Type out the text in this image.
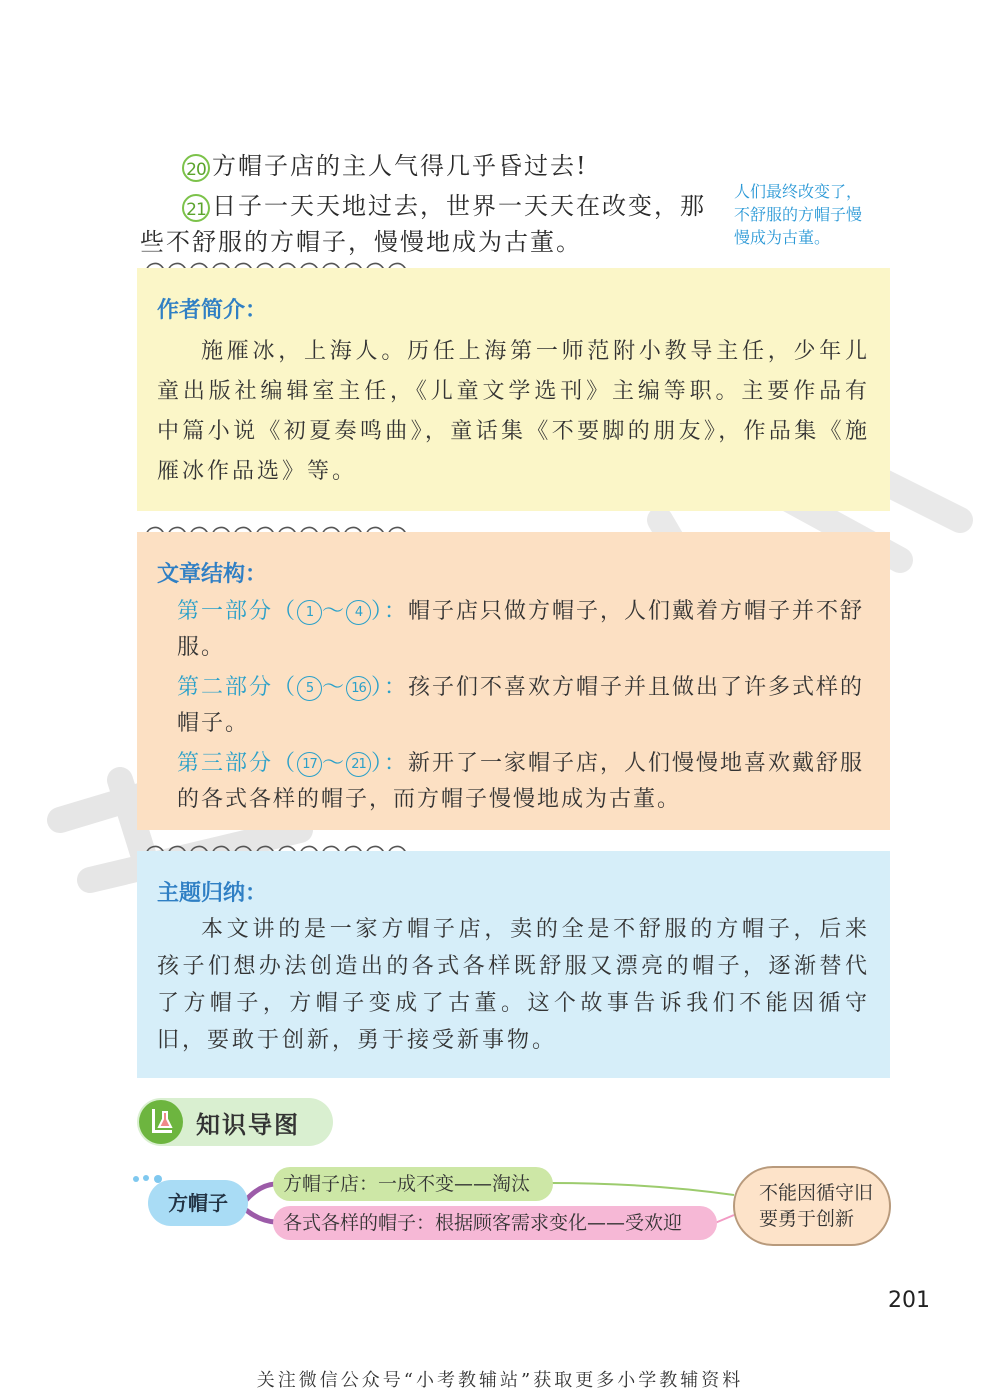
20 方帽子店的主人气得几乎昏过去!
21 日子一天天地过去，世界一天天在改变，那
些不舒服的方帽子，慢慢地成为古董。
人们最终改变了，
不舒服的方帽子慢
慢成为古董。
作者简介：
施雁冰，上海人。历任上海第一师范附小教导主任，少年儿童出版社编辑室主任，《儿童文学选刊》主编等职。主要作品有中篇小说《初夏奏鸣曲》，童话集《不要脚的朋友》，作品集《施雁冰作品选》等。
文章结构：
第一部分（ 1 ～ 4 ）：帽子店只做方帽子，人们戴着方帽子并不舒服。
第二部分（ 5 ～ 16 ）：孩子们不喜欢方帽子并且做出了许多式样的帽子。
第三部分（ 17 ～ 21 ）：新开了一家帽子店，人们慢慢地喜欢戴舒服的各式各样的帽子，而方帽子慢慢地成为古董。
主题归纳：
本文讲的是一家方帽子店，卖的全是不舒服的方帽子，后来孩子们想办法创造出的各式各样既舒服又漂亮的帽子，逐渐替代了方帽子，方帽子变成了古董。这个故事告诉我们不能因循守旧，要敢于创新，勇于接受新事物。
知识导图
方帽子
方帽子店：一成不变——淘汰
各式各样的帽子：根据顾客需求变化——受欢迎
不能因循守旧
要勇于创新
201
关注微信公众号“小考教辅站”获取更多小学教辅资料
